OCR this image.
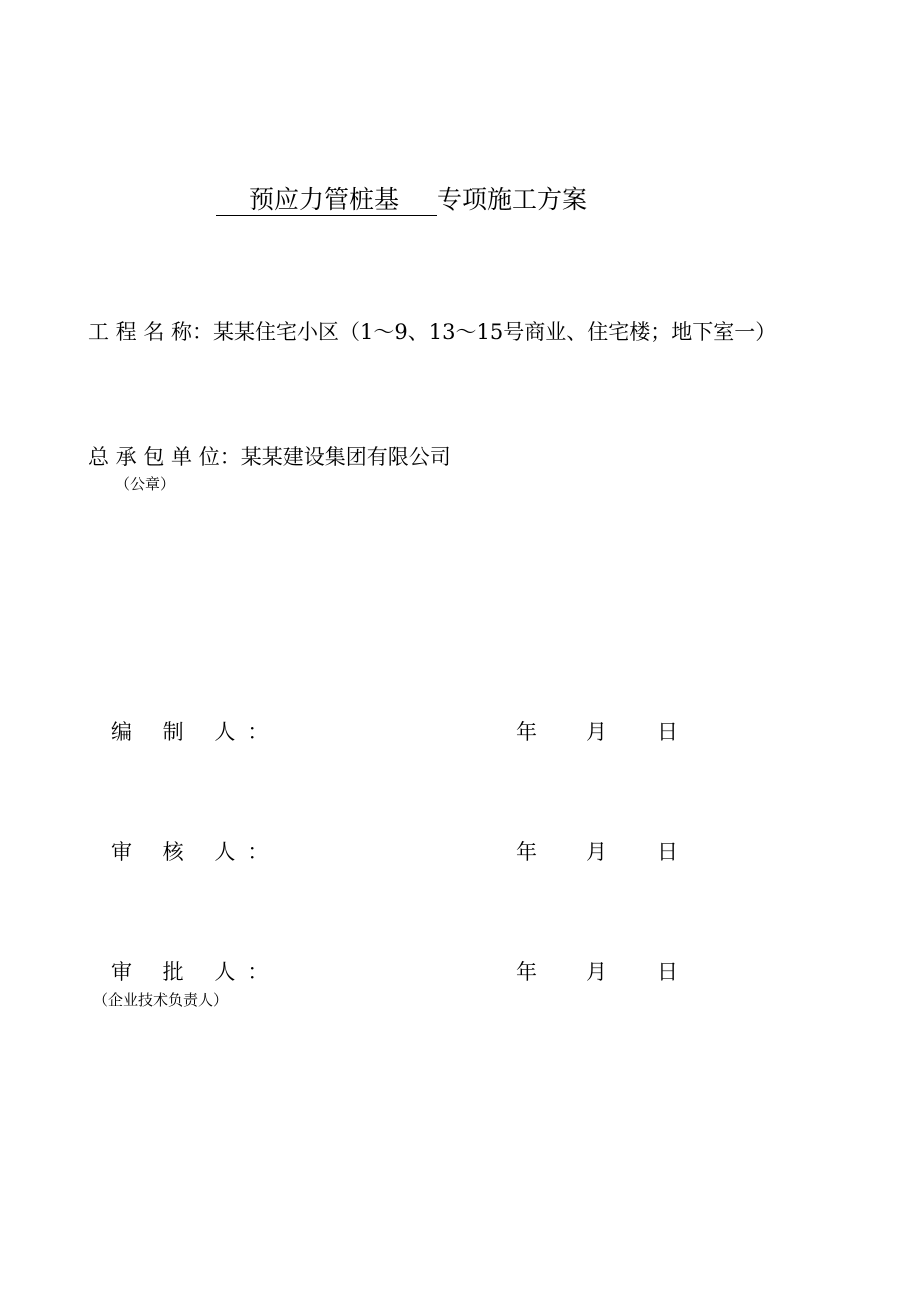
预应力管桩基 专项施工方案
工 程 名 称：某某住宅小区（1～9、13～15号商业、住宅楼；地下室一）
总 承 包 单 位：某某建设集团有限公司
（公章）
编 制 人：	年 月 日
审 核 人：	年 月 日
审 批 人：	年 月 日
（企业技术负责人）
